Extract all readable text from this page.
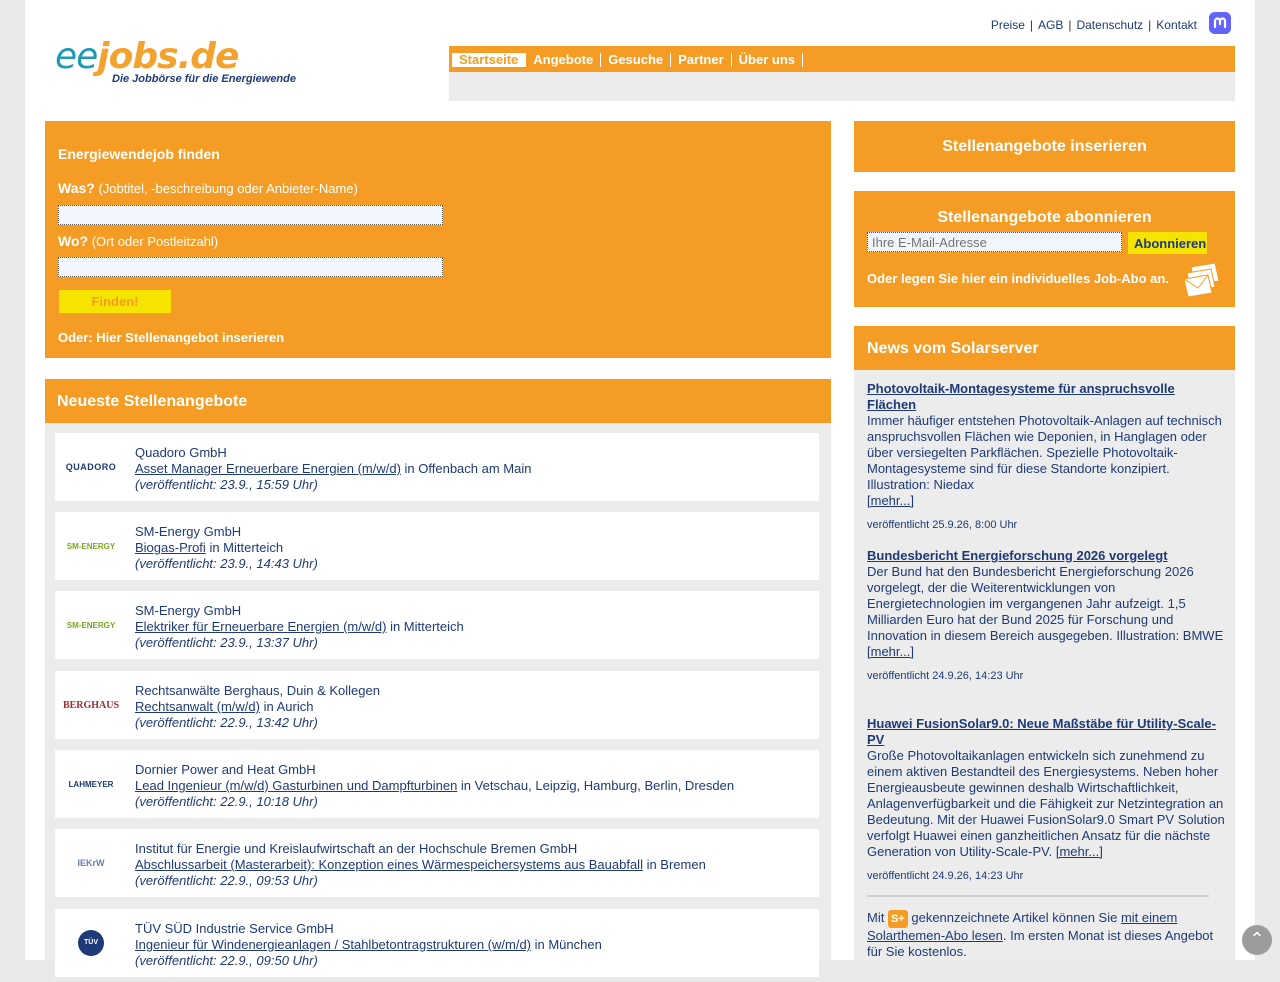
Preise | AGB | Datenschutz | Kontakt
eejobs.de
Die Jobbörse für die Energiewende
Startseite	Angebote	Gesuche	Partner	Über uns
Energiewendejob finden
Was? (Jobtitel, -beschreibung oder Anbieter-Name)
Wo? (Ort oder Postleitzahl)
Finden!
Oder: Hier Stellenangebot inserieren
Neueste Stellenangebote
QUADORO
Quadoro GmbH
Asset Manager Erneuerbare Energien (m/w/d) in Offenbach am Main
(veröffentlicht: 23.9., 15:59 Uhr)
SM-ENERGY
SM-Energy GmbH
Biogas-Profi in Mitterteich
(veröffentlicht: 23.9., 14:43 Uhr)
SM-ENERGY
SM-Energy GmbH
Elektriker für Erneuerbare Energien (m/w/d) in Mitterteich
(veröffentlicht: 23.9., 13:37 Uhr)
BERGHAUS
Rechtsanwälte Berghaus, Duin & Kollegen
Rechtsanwalt (m/w/d) in Aurich
(veröffentlicht: 22.9., 13:42 Uhr)
LAHMEYER
Dornier Power and Heat GmbH
Lead Ingenieur (m/w/d) Gasturbinen und Dampfturbinen in Vetschau, Leipzig, Hamburg, Berlin, Dresden
(veröffentlicht: 22.9., 10:18 Uhr)
IEKrW
Institut für Energie und Kreislaufwirtschaft an der Hochschule Bremen GmbH
Abschlussarbeit (Masterarbeit): Konzeption eines Wärmespeichersystems aus Bauabfall in Bremen
(veröffentlicht: 22.9., 09:53 Uhr)
TÜV SÜD
TÜV SÜD Industrie Service GmbH
Ingenieur für Windenergieanlagen / Stahlbetontragstrukturen (w/m/d) in München
(veröffentlicht: 22.9., 09:50 Uhr)
Stellenangebote inserieren
Stellenangebote abonnieren
Ihre E-Mail-Adresse
Abonnieren
Oder legen Sie hier ein individuelles Job-Abo an.
News vom Solarserver
Photovoltaik-Montagesysteme für anspruchsvolle Flächen
Immer häufiger entstehen Photovoltaik-Anlagen auf technisch anspruchsvollen Flächen wie Deponien, in Hanglagen oder über versiegelten Parkflächen. Spezielle Photovoltaik-Montagesysteme sind für diese Standorte konzipiert. Illustration: Niedax
[mehr...]
veröffentlicht 25.9.26, 8:00 Uhr
Bundesbericht Energieforschung 2026 vorgelegt
Der Bund hat den Bundesbericht Energieforschung 2026 vorgelegt, der die Weiterentwicklungen von Energietechnologien im vergangenen Jahr aufzeigt. 1,5 Milliarden Euro hat der Bund 2025 für Forschung und Innovation in diesem Bereich ausgegeben. Illustration: BMWE
[mehr...]
veröffentlicht 24.9.26, 14:23 Uhr
Huawei FusionSolar9.0: Neue Maßstäbe für Utility-Scale-PV
Große Photovoltaikanlagen entwickeln sich zunehmend zu einem aktiven Bestandteil des Energiesystems. Neben hoher Energieausbeute gewinnen deshalb Wirtschaftlichkeit, Anlagenverfügbarkeit und die Fähigkeit zur Netzintegration an Bedeutung. Mit der Huawei FusionSolar9.0 Smart PV Solution verfolgt Huawei einen ganzheitlichen Ansatz für die nächste Generation von Utility-Scale-PV. [mehr...]
veröffentlicht 24.9.26, 14:23 Uhr
Mit S+ gekennzeichnete Artikel können Sie mit einem Solarthemen-Abo lesen. Im ersten Monat ist dieses Angebot für Sie kostenlos.
⌃
